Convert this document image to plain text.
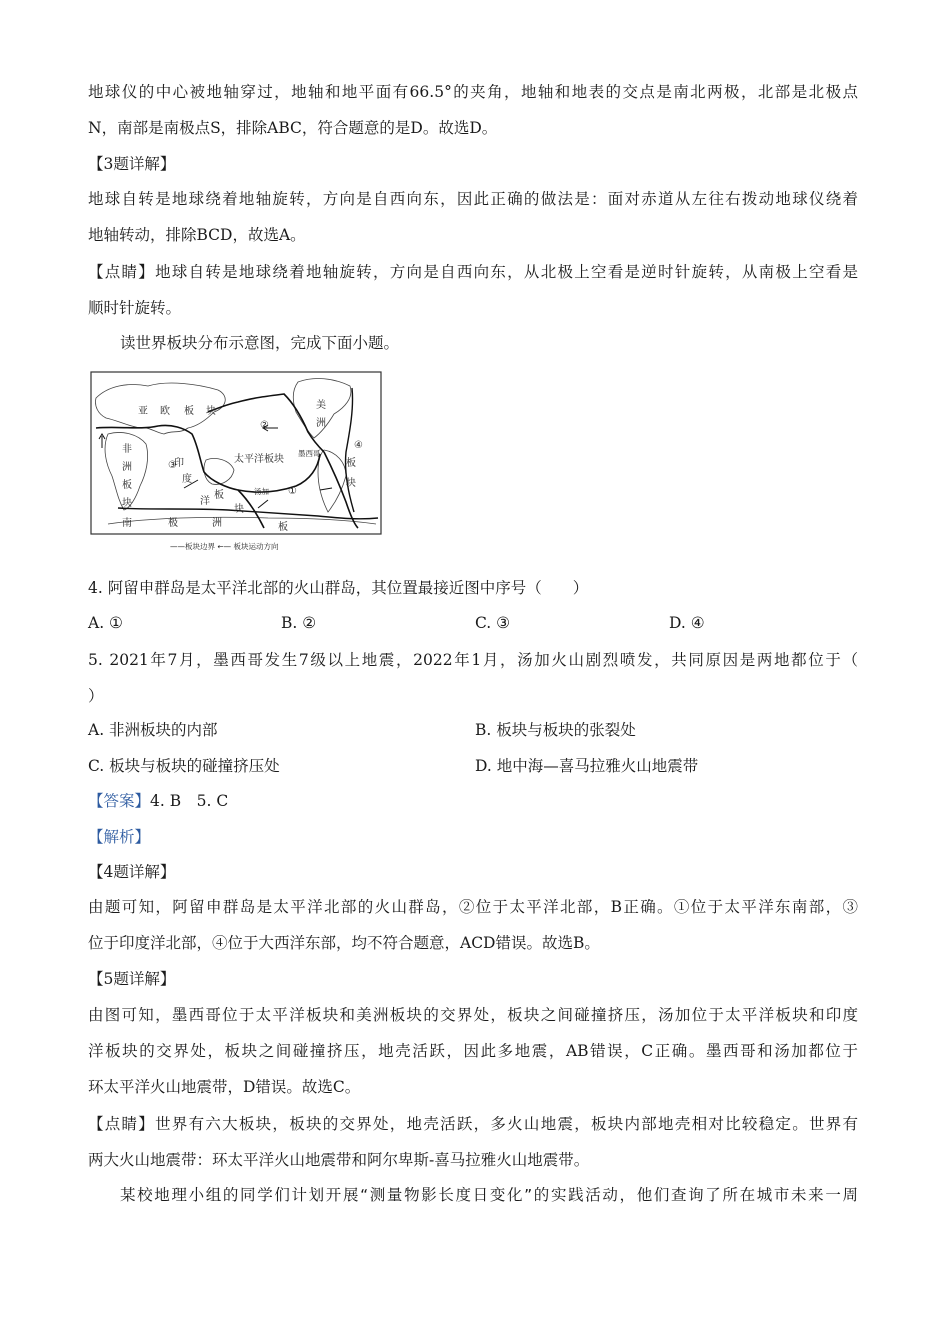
地球仪的中心被地轴穿过，地轴和地平面有66.5°的夹角，地轴和地表的交点是南北两极，北部是北极点
N，南部是南极点S，排除ABC，符合题意的是D。故选D。
【3题详解】
地球自转是地球绕着地轴旋转，方向是自西向东，因此正确的做法是：面对赤道从左往右拨动地球仪绕着
地轴转动，排除BCD，故选A。
【点睛】地球自转是地球绕着地轴旋转，方向是自西向东，从北极上空看是逆时针旋转，从南极上空看是
顺时针旋转。
读世界板块分布示意图，完成下面小题。
亚 欧 板 块
美
洲
非
洲
板
块
印
度
洋
板
块
太平洋板块
墨西哥
汤加
板
块
南	极	洲	板
①
②
③
④
——板块边界 ←— 板块运动方向
4. 阿留申群岛是太平洋北部的火山群岛，其位置最接近图中序号（　　）
A. ①	B. ②	C. ③	D. ④
5. 2021年7月，墨西哥发生7级以上地震，2022年1月，汤加火山剧烈喷发，共同原因是两地都位于（
）
A. 非洲板块的内部	B. 板块与板块的张裂处
C. 板块与板块的碰撞挤压处	D. 地中海—喜马拉雅火山地震带
【答案】4. B　5. C
【解析】
【4题详解】
由题可知，阿留申群岛是太平洋北部的火山群岛，②位于太平洋北部，B正确。①位于太平洋东南部，③
位于印度洋北部，④位于大西洋东部，均不符合题意，ACD错误。故选B。
【5题详解】
由图可知，墨西哥位于太平洋板块和美洲板块的交界处，板块之间碰撞挤压，汤加位于太平洋板块和印度
洋板块的交界处，板块之间碰撞挤压，地壳活跃，因此多地震，AB错误，C正确。墨西哥和汤加都位于
环太平洋火山地震带，D错误。故选C。
【点睛】世界有六大板块，板块的交界处，地壳活跃，多火山地震，板块内部地壳相对比较稳定。世界有
两大火山地震带：环太平洋火山地震带和阿尔卑斯-喜马拉雅火山地震带。
某校地理小组的同学们计划开展“测量物影长度日变化”的实践活动，他们查询了所在城市未来一周
